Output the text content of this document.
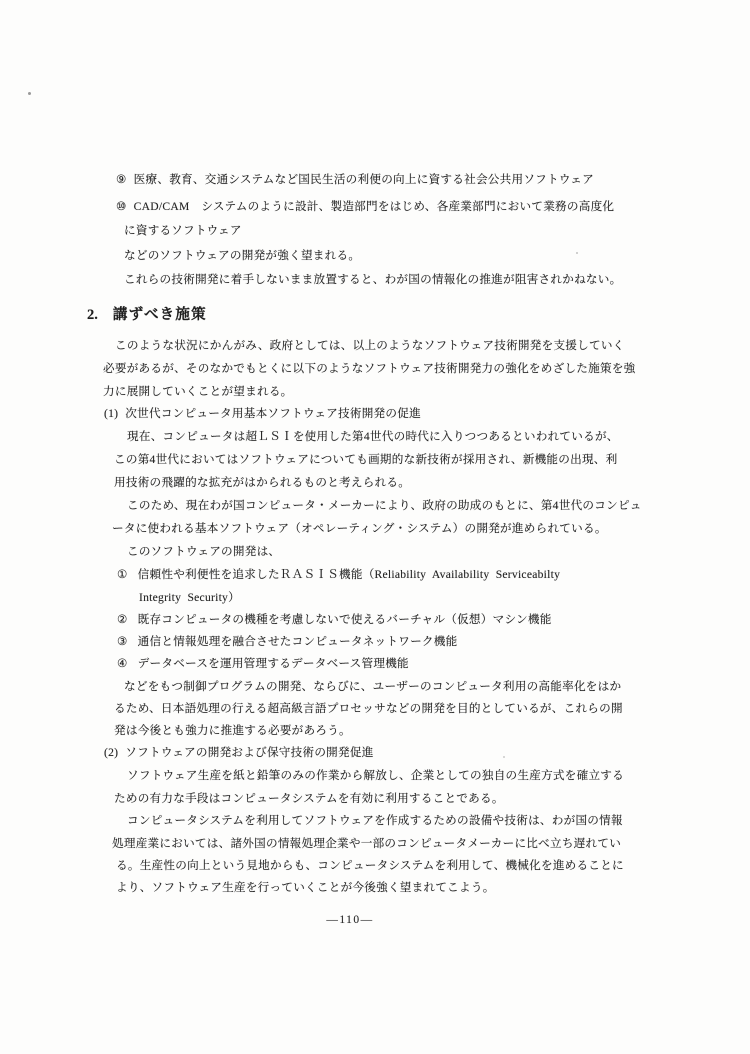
⑨ 医療、教育、交通システムなど国民生活の利便の向上に資する社会公共用ソフトウェア
⑩ CAD/CAM　システムのように設計、製造部門をはじめ、各産業部門において業務の高度化
に資するソフトウェア
などのソフトウェアの開発が強く望まれる。
これらの技術開発に着手しないまま放置すると、わが国の情報化の推進が阻害されかねない。
2. 講ずべき施策
このような状況にかんがみ、政府としては、以上のようなソフトウェア技術開発を支援していく
必要があるが、そのなかでもとくに以下のようなソフトウェア技術開発力の強化をめざした施策を強
力に展開していくことが望まれる。
(1) 次世代コンピュータ用基本ソフトウェア技術開発の促進
現在、コンピュータは超ＬＳＩを使用した第4世代の時代に入りつつあるといわれているが、
この第4世代においてはソフトウェアについても画期的な新技術が採用され、新機能の出現、利
用技術の飛躍的な拡充がはかられるものと考えられる。
このため、現在わが国コンピュータ・メーカーにより、政府の助成のもとに、第4世代のコンピュ
ータに使われる基本ソフトウェア（オペレーティング・システム）の開発が進められている。
このソフトウェアの開発は、
① 信頼性や利便性を追求したＲＡＳＩＳ機能（Reliability  Availability  Serviceabilty
Integrity  Security）
② 既存コンピュータの機種を考慮しないで使えるバーチャル（仮想）マシン機能
③ 通信と情報処理を融合させたコンピュータネットワーク機能
④ データベースを運用管理するデータベース管理機能
などをもつ制御プログラムの開発、ならびに、ユーザーのコンピュータ利用の高能率化をはか
るため、日本語処理の行える超高級言語プロセッサなどの開発を目的としているが、これらの開
発は今後とも強力に推進する必要があろう。
(2) ソフトウェアの開発および保守技術の開発促進
ソフトウェア生産を紙と鉛筆のみの作業から解放し、企業としての独自の生産方式を確立する
ための有力な手段はコンピュータシステムを有効に利用することである。
コンピュータシステムを利用してソフトウェアを作成するための設備や技術は、わが国の情報
処理産業においては、諸外国の情報処理企業や一部のコンピュータメーカーに比べ立ち遅れてい
る。生産性の向上という見地からも、コンピュータシステムを利用して、機械化を進めることに
より、ソフトウェア生産を行っていくことが今後強く望まれてこよう。
―110―
